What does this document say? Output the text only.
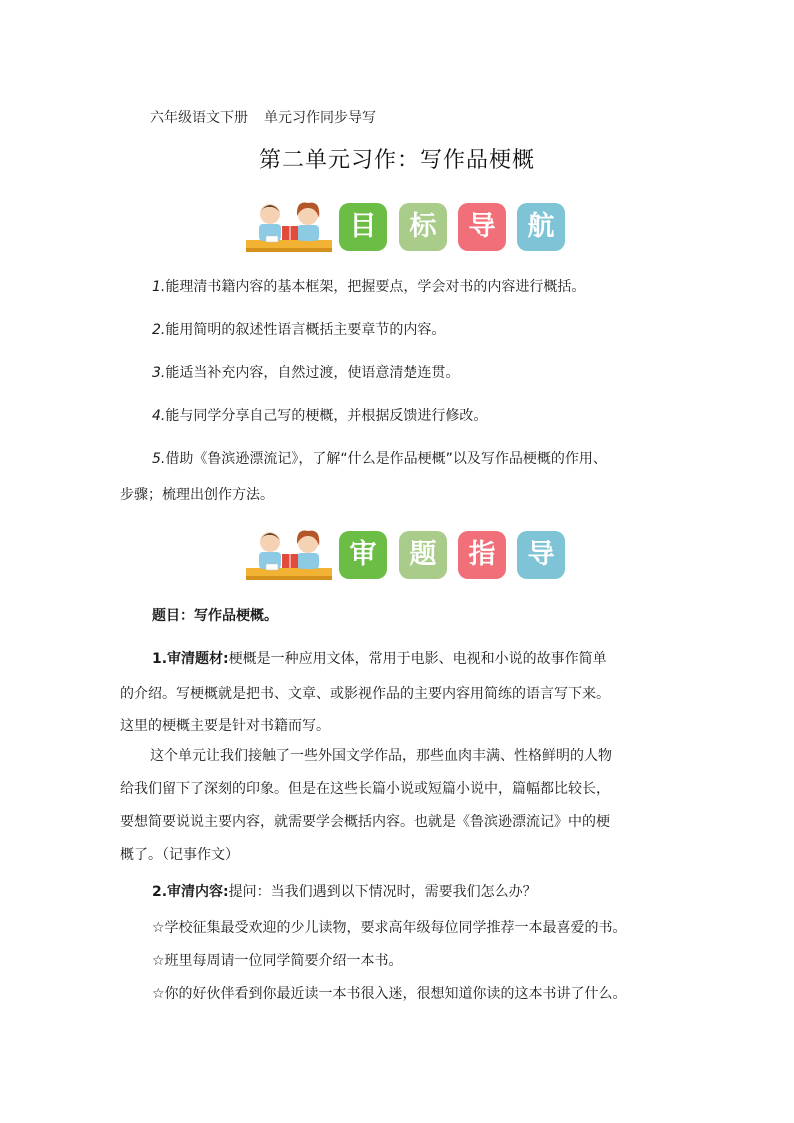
六年级语文下册 单元习作同步导写
第二单元习作：写作品梗概
目	标	导	航
1.能理清书籍内容的基本框架，把握要点，学会对书的内容进行概括。
2.能用简明的叙述性语言概括主要章节的内容。
3.能适当补充内容，自然过渡，使语意清楚连贯。
4.能与同学分享自己写的梗概，并根据反馈进行修改。
5.借助《鲁滨逊漂流记》，了解“什么是作品梗概”以及写作品梗概的作用、
步骤；梳理出创作方法。
审	题	指	导
题目：写作品梗概。
1.审清题材:梗概是一种应用文体，常用于电影、电视和小说的故事作简单
的介绍。写梗概就是把书、文章、或影视作品的主要内容用简练的语言写下来。
这里的梗概主要是针对书籍而写。
这个单元让我们接触了一些外国文学作品，那些血肉丰满、性格鲜明的人物
给我们留下了深刻的印象。但是在这些长篇小说或短篇小说中，篇幅都比较长，
要想简要说说主要内容，就需要学会概括内容。也就是《鲁滨逊漂流记》中的梗
概了。（记事作文）
2.审清内容:提问：当我们遇到以下情况时，需要我们怎么办？
☆学校征集最受欢迎的少儿读物，要求高年级每位同学推荐一本最喜爱的书。
☆班里每周请一位同学简要介绍一本书。
☆你的好伙伴看到你最近读一本书很入迷，很想知道你读的这本书讲了什么。
